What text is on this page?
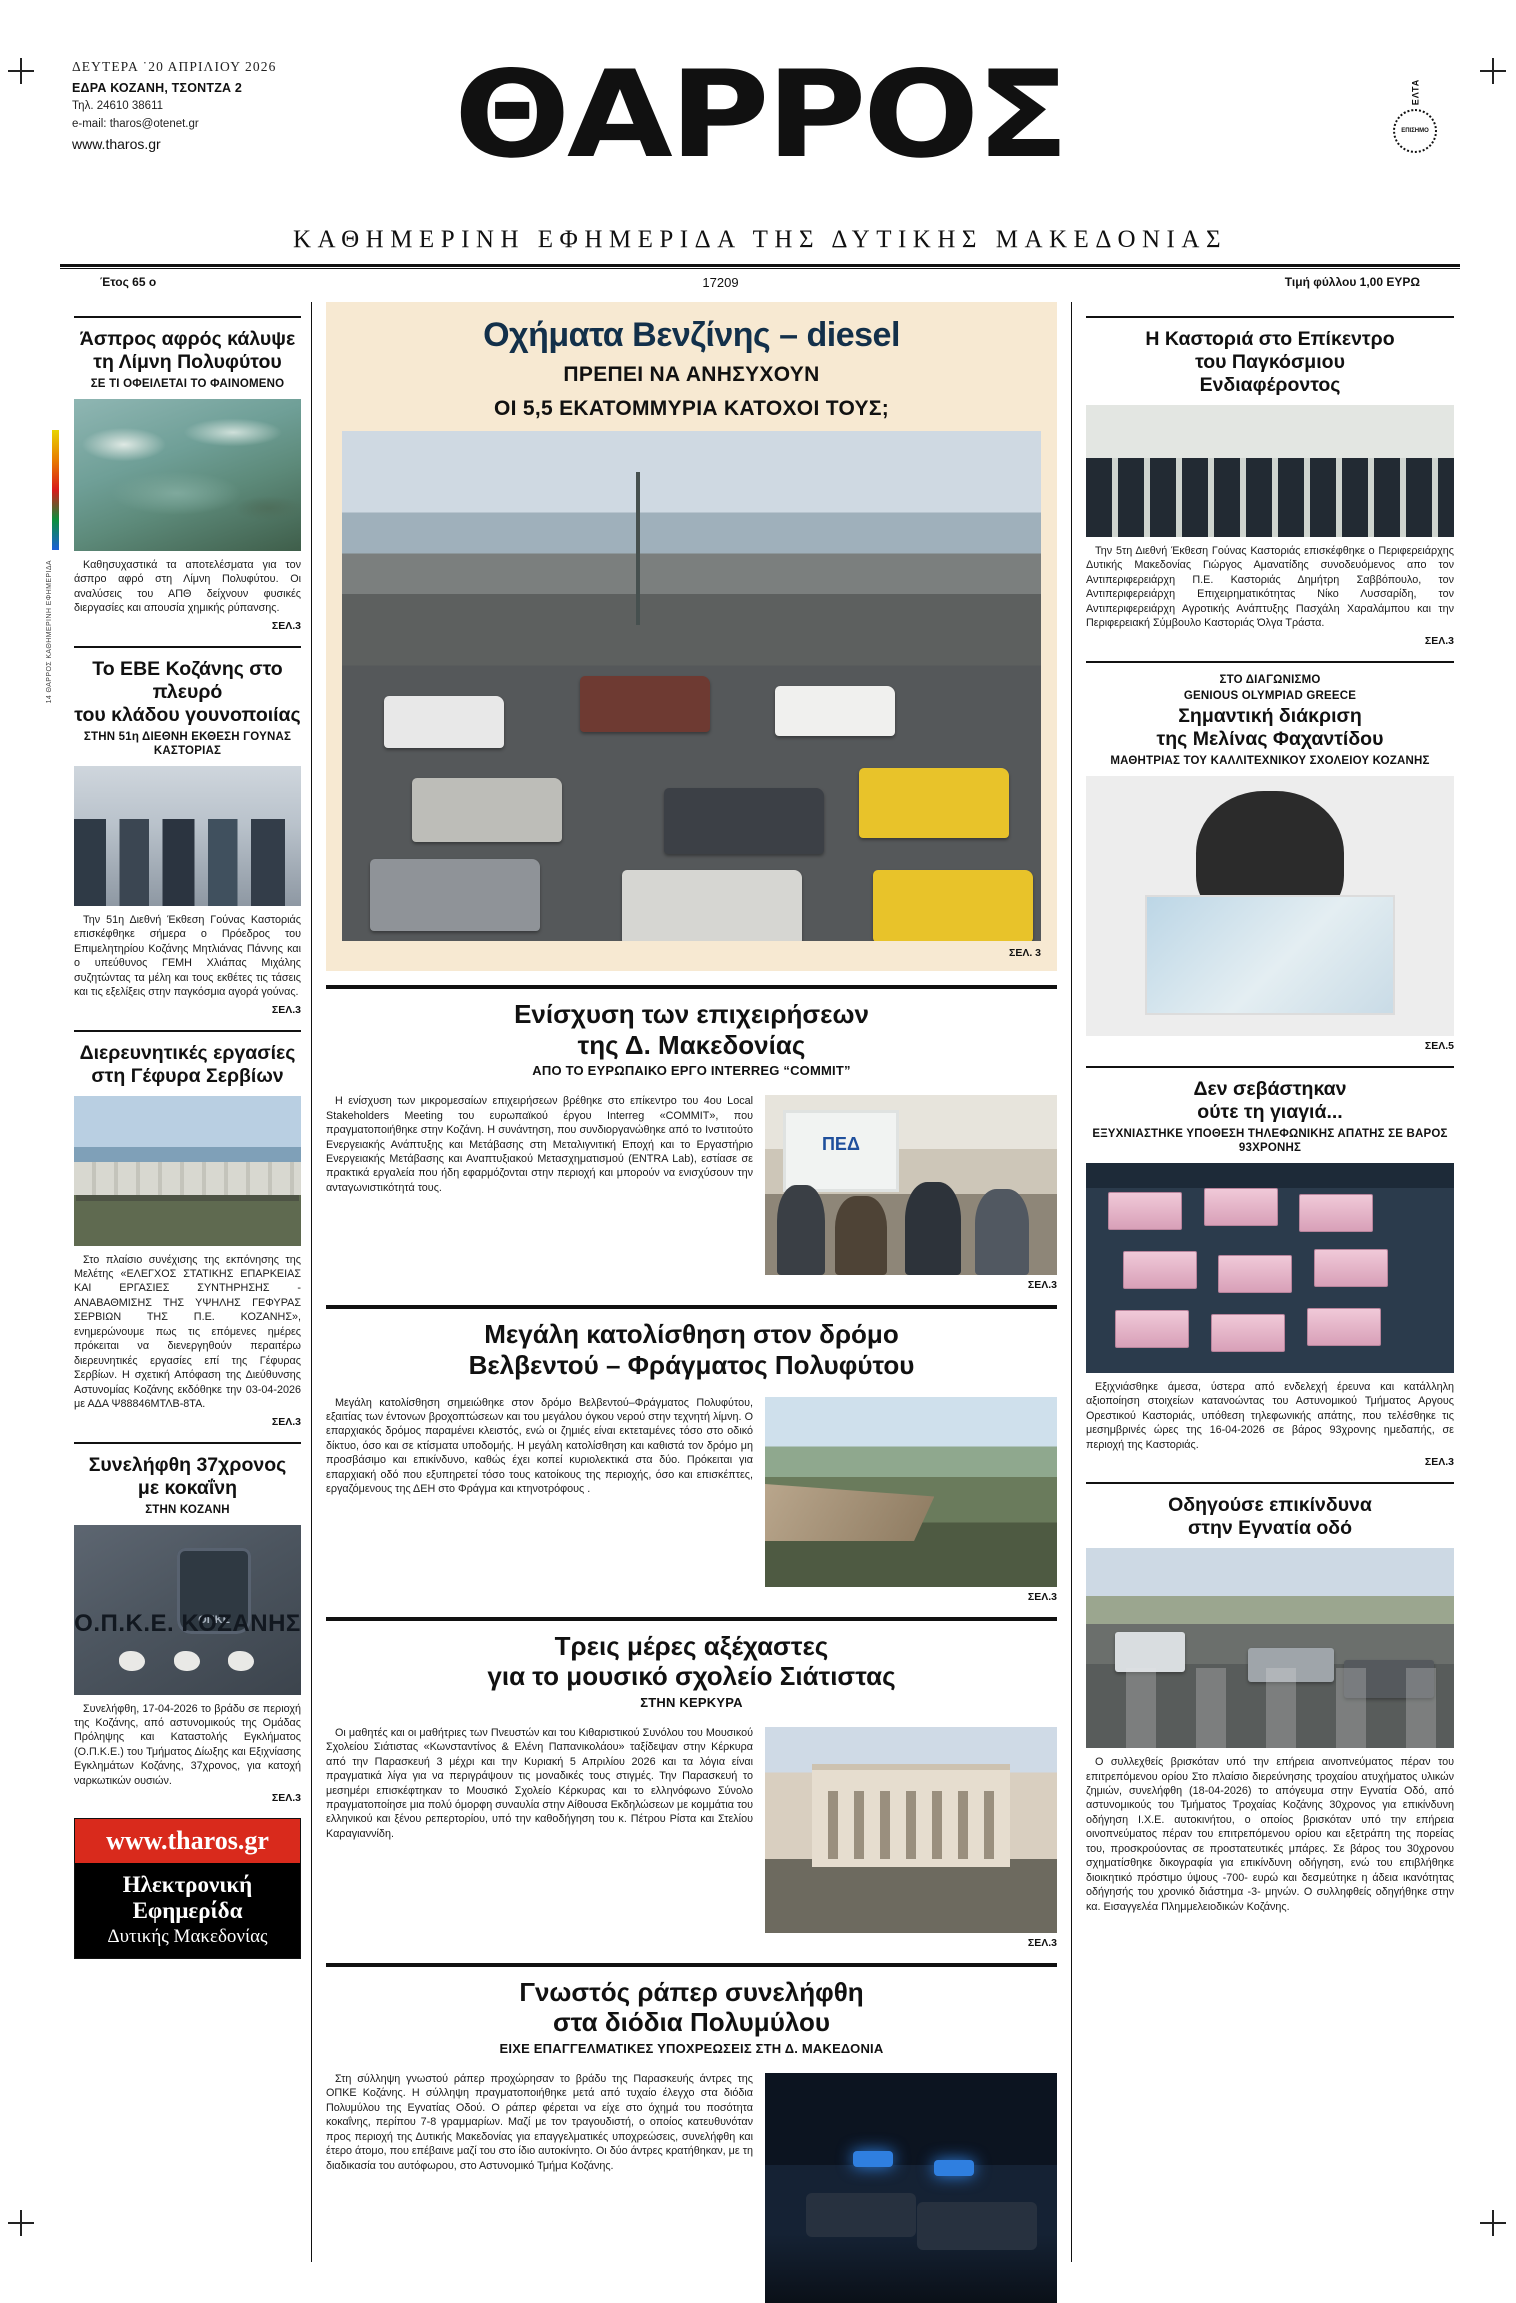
14 ΘΑΡΡΟΣ ΚΑΘΗΜΕΡΙΝΗ ΕΦΗΜΕΡΙΔΑ
ΔΕΥΤΕΡΑ ˙20 ΑΠΡΙΛΙΟΥ 2026
ΕΔΡΑ ΚΟΖΑΝΗ, ΤΣΟΝΤΖΑ 2
Τηλ. 24610 38611
e-mail: tharos@otenet.gr
www.tharos.gr	ΘΑΡΡΟΣ	ΕΛΤΑ
ΕΠΙΣΗΜΟ
ΚΑΘΗΜΕΡΙΝΗ ΕΦΗΜΕΡΙΔΑ ΤΗΣ ΔΥΤΙΚΗΣ ΜΑΚΕΔΟΝΙΑΣ
Έτος 65 ο	17209	Τιμή φύλλου 1,00 ΕΥΡΩ
Άσπρος αφρός κάλυψε
τη Λίμνη Πολυφύτου
ΣΕ ΤΙ ΟΦΕΙΛΕΤΑΙ ΤΟ ΦΑΙΝΟΜΕΝΟ

Καθησυχαστικά τα αποτελέσματα για τον άσπρο αφρό στη Λίμνη Πολυφύτου. Οι αναλύσεις του ΑΠΘ δείχνουν φυσικές διεργασίες και απουσία χημικής ρύπανσης.

ΣΕΛ.3
Το ΕΒΕ Κοζάνης στο πλευρό
του κλάδου γουνοποιίας
ΣΤΗΝ 51η ΔΙΕΘΝΗ ΕΚΘΕΣΗ ΓΟΥΝΑΣ ΚΑΣΤΟΡΙΑΣ

Την 51η Διεθνή Έκθεση Γούνας Καστοριάς επισκέφθηκε σήμερα ο Πρόεδρος του Επιμελητηρίου Κοζάνης Μητλιάνας Πάννης και ο υπεύθυνος ΓΕΜΗ Χλιάπας Μιχάλης συζητώντας τα μέλη και τους εκθέτες τις τάσεις και τις εξελίξεις στην παγκόσμια αγορά γούνας.

ΣΕΛ.3
Διερευνητικές εργασίες
στη Γέφυρα Σερβίων

Στο πλαίσιο συνέχισης της εκπόνησης της Μελέτης «ΕΛΕΓΧΟΣ ΣΤΑΤΙΚΗΣ ΕΠΑΡΚΕΙΑΣ ΚΑΙ ΕΡΓΑΣΙΕΣ ΣΥΝΤΗΡΗΣΗΣ - ΑΝΑΒΑΘΜΙΣΗΣ ΤΗΣ ΥΨΗΛΗΣ ΓΕΦΥΡΑΣ ΣΕΡΒΙΩΝ ΤΗΣ Π.Ε. ΚΟΖΑΝΗΣ», ενημερώνουμε πως τις επόμενες ημέρες πρόκειται να διενεργηθούν περαιτέρω διερευνητικές εργασίες επί της Γέφυρας Σερβίων. Η σχετική Απόφαση της Διεύθυνσης Αστυνομίας Κοζάνης εκδόθηκε την 03-04-2026 με ΑΔΑ Ψ88846ΜΤΛΒ-8ΤΑ.

ΣΕΛ.3
Συνελήφθη 37χρονος
με κοκαΐνη
ΣΤΗΝ ΚΟΖΑΝΗ
ΟΠΚΕ
Ο.Π.Κ.Ε. ΚΟΖΑΝΗΣ

Συνελήφθη, 17-04-2026 το βράδυ σε περιοχή της Κοζάνης, από αστυνομικούς της Ομάδας Πρόληψης και Καταστολής Εγκλήματος (Ο.Π.Κ.Ε.) του Τμήματος Δίωξης και Εξιχνίασης Εγκλημάτων Κοζάνης, 37χρονος, για κατοχή ναρκωτικών ουσιών.

ΣΕΛ.3
www.tharos.gr
Ηλεκτρονική Εφημερίδα
Δυτικής Μακεδονίας
Οχήματα Βενζίνης – diesel
ΠΡΕΠΕΙ ΝΑ ΑΝΗΣΥΧΟΥΝ
ΟΙ 5,5 ΕΚΑΤΟΜΜΥΡΙΑ ΚΑΤΟΧΟΙ ΤΟΥΣ;
ΣΕΛ. 3
Ενίσχυση των επιχειρήσεων
της Δ. Μακεδονίας
ΑΠΟ ΤΟ ΕΥΡΩΠΑΙΚΟ ΕΡΓΟ INTERREG “COMMIT”

Η ενίσχυση των μικρομεσαίων επιχειρήσεων βρέθηκε στο επίκεντρο του 4ου Local Stakeholders Meeting του ευρωπαϊκού έργου Interreg «COMMIT», που πραγματοποιήθηκε στην Κοζάνη. Η συνάντηση, που συνδιοργανώθηκε από το Ινστιτούτο Ενεργειακής Ανάπτυξης και Μετάβασης στη Μεταλιγνιτική Εποχή και το Εργαστήριο Ενεργειακής Μετάβασης και Αναπτυξιακού Μετασχηματισμού (ENTRA Lab), εστίασε σε πρακτικά εργαλεία που ήδη εφαρμόζονται στην περιοχή και μπορούν να ενισχύσουν την ανταγωνιστικότητά τους.

ΠΕΔ
ΣΕΛ.3
Μεγάλη κατολίσθηση στον δρόμο
Βελβεντού – Φράγματος Πολυφύτου

Μεγάλη κατολίσθηση σημειώθηκε στον δρόμο Βελβεντού–Φράγματος Πολυφύτου, εξαιτίας των έντονων βροχοπτώσεων και του μεγάλου όγκου νερού στην τεχνητή λίμνη. Ο επαρχιακός δρόμος παραμένει κλειστός, ενώ οι ζημιές είναι εκτεταμένες τόσο στο οδικό δίκτυο, όσο και σε κτίσματα υποδομής. Η μεγάλη κατολίσθηση και καθιστά τον δρόμο μη προσβάσιμο και επικίνδυνο, καθώς έχει κοπεί κυριολεκτικά στα δύο. Πρόκειται για επαρχιακή οδό που εξυπηρετεί τόσο τους κατοίκους της περιοχής, όσο και επισκέπτες, εργαζόμενους της ΔΕΗ στο Φράγμα και κτηνοτρόφους .

ΣΕΛ.3
Τρεις μέρες αξέχαστες
για το μουσικό σχολείο Σιάτιστας
ΣΤΗΝ ΚΕΡΚΥΡΑ

Οι μαθητές και οι μαθήτριες των Πνευστών και του Κιθαριστικού Συνόλου του Μουσικού Σχολείου Σιάτιστας «Κωνσταντίνος & Ελένη Παπανικολάου» ταξίδεψαν στην Κέρκυρα από την Παρασκευή 3 μέχρι και την Κυριακή 5 Απριλίου 2026 και τα λόγια είναι πραγματικά λίγα για να περιγράψουν τις μοναδικές τους στιγμές. Την Παρασκευή το μεσημέρι επισκέφτηκαν το Μουσικό Σχολείο Κέρκυρας και το ελληνόφωνο Σύνολο πραγματοποίησε μια πολύ όμορφη συναυλία στην Αίθουσα Εκδηλώσεων με κομμάτια του ελληνικού και ξένου ρεπερτορίου, υπό την καθοδήγηση του κ. Πέτρου Ρίστα και Στελίου Καραγιαννίδη.

ΣΕΛ.3
Γνωστός ράπερ συνελήφθη
στα διόδια Πολυμύλου
ΕΙΧΕ ΕΠΑΓΓΕΛΜΑΤΙΚΕΣ ΥΠΟΧΡΕΩΣΕΙΣ ΣΤΗ Δ. ΜΑΚΕΔΟΝΙΑ

Στη σύλληψη γνωστού ράπερ προχώρησαν το βράδυ της Παρασκευής άντρες της ΟΠΚΕ Κοζάνης. Η σύλληψη πραγματοποιήθηκε μετά από τυχαίο έλεγχο στα διόδια Πολυμύλου της Εγνατίας Οδού. Ο ράπερ φέρεται να είχε στο όχημά του ποσότητα κοκαΐνης, περίπου 7-8 γραμμαρίων. Μαζί με τον τραγουδιστή, ο οποίος κατευθυνόταν προς περιοχή της Δυτικής Μακεδονίας για επαγγελματικές υποχρεώσεις, συνελήφθη και έτερο άτομο, που επέβαινε μαζί του στο ίδιο αυτοκίνητο. Οι δύο άντρες κρατήθηκαν, με τη διαδικασία του αυτόφωρου, στο Αστυνομικό Τμήμα Κοζάνης.

Η Καστοριά στο Επίκεντρο
του Παγκόσμιου
Ενδιαφέροντος

Την 5τη Διεθνή Έκθεση Γούνας Καστοριάς επισκέφθηκε ο Περιφερειάρχης Δυτικής Μακεδονίας Γιώργος Αμανατίδης συνοδευόμενος απο τον Αντιπεριφερειάρχη Π.Ε. Καστοριάς Δημήτρη Σαββόπουλο, τον Αντιπεριφερειάρχη Επιχειρηματικότητας Νίκο Λυσσαρίδη, τον Αντιπεριφερειάρχη Αγροτικής Ανάπτυξης Πασχάλη Χαραλάμπου και την Περιφερειακή Σύμβουλο Καστοριάς Όλγα Τράστα.

ΣΕΛ.3
ΣΤΟ ΔΙΑΓΩΝΙΣΜΟ
GENIOUS OLYMPIAD GREECE
Σημαντική διάκριση
της Μελίνας Φαχαντίδου
ΜΑΘΗΤΡΙΑΣ ΤΟΥ ΚΑΛΛΙΤΕΧΝΙΚΟΥ ΣΧΟΛΕΙΟΥ ΚΟΖΑΝΗΣ
ΣΕΛ.5
Δεν σεβάστηκαν
ούτε τη γιαγιά...
ΕΞΥΧΝΙΑΣΤΗΚΕ ΥΠΟΘΕΣΗ ΤΗΛΕΦΩΝΙΚΗΣ ΑΠΑΤΗΣ ΣΕ ΒΑΡΟΣ 93ΧΡΟΝΗΣ

Εξιχνιάσθηκε άμεσα, ύστερα από ενδελεχή έρευνα και κατάλληλη αξιοποίηση στοιχείων κατανοώντας του Αστυνομικού Τμήματος Αργους Ορεστικού Καστοριάς, υπόθεση τηλεφωνικής απάτης, που τελέσθηκε τις μεσημβρινές ώρες της 16-04-2026 σε βάρος 93χρονης ημεδαπής, σε περιοχή της Καστοριάς.

ΣΕΛ.3
Οδηγούσε επικίνδυνα
στην Εγνατία οδό

Ο συλλεχθείς βρισκόταν υπό την επήρεια αινοπνεύματος πέραν του επιτρεπόμενου ορίου Στο πλαίσιο διερεύνησης τροχαίου ατυχήματος υλικών ζημιών, συνελήφθη (18-04-2026) το απόγευμα στην Εγνατία Οδό, από αστυνομικούς του Τμήματος Τροχαίας Κοζάνης 30χρονος για επικίνδυνη οδήγηση Ι.Χ.Ε. αυτοκινήτου, ο οποίος βρισκόταν υπό την επήρεια οινοπνεύματος πέραν του επιτρεπόμενου ορίου και εξετράπη της πορείας του, προσκρούοντας σε προστατευτικές μπάρες. Σε βάρος του 30χρονου σχηματίσθηκε δικογραφία για επικίνδυνη οδήγηση, ενώ του επιβλήθηκε διοικητικό πρόστιμο ύψους -700- ευρώ και δεσμεύτηκε η άδεια ικανότητας οδήγησής του χρονικό διάστημα -3- μηνών. Ο συλληφθείς οδηγήθηκε στην κα. Εισαγγελέα Πλημμελειοδικών Κοζάνης.
